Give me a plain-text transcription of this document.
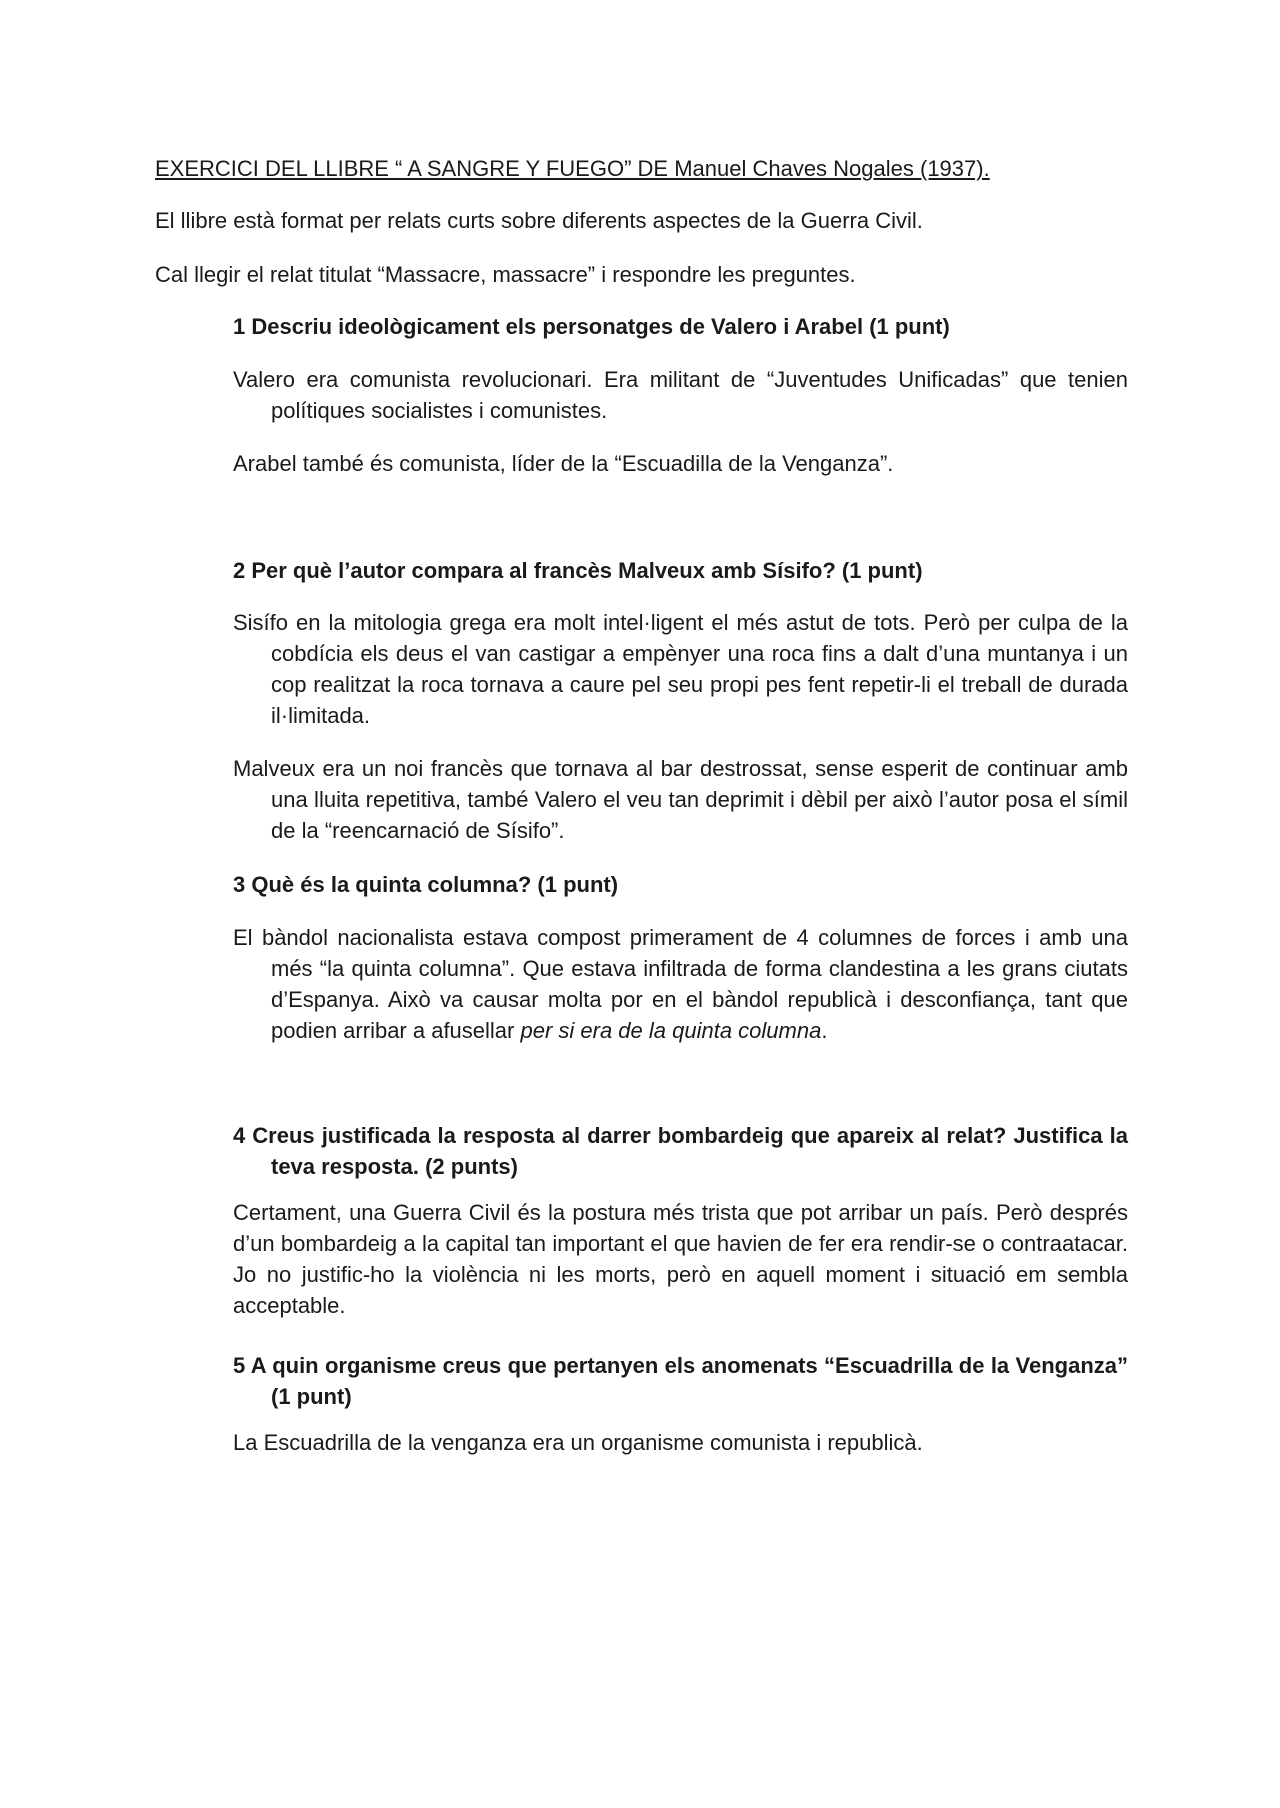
EXERCICI DEL LLIBRE “ A SANGRE Y FUEGO” DE Manuel Chaves Nogales (1937).

El llibre està format per relats curts sobre diferents aspectes de la Guerra Civil.

Cal llegir el relat titulat “Massacre, massacre” i respondre les preguntes.

1 Descriu ideològicament els personatges de Valero i Arabel (1 punt)

Valero era comunista revolucionari. Era militant de “Juventudes Unificadas” que tenien polítiques socialistes i comunistes.

Arabel també és comunista, líder de la “Escuadilla de la Venganza”.

2 Per què l’autor compara al francès Malveux amb Sísifo? (1 punt)

Sisífo en la mitologia grega era molt intel·ligent el més astut de tots. Però per culpa de la cobdícia els deus el van castigar a empènyer una roca fins a dalt d’una muntanya i un cop realitzat la roca tornava a caure pel seu propi pes fent repetir-li el treball de durada il·limitada.

Malveux era un noi francès que tornava al bar destrossat, sense esperit de continuar amb una lluita repetitiva, també Valero el veu tan deprimit i dèbil per això l’autor posa el símil de la “reencarnació de Sísifo”.

3 Què és la quinta columna? (1 punt)

El bàndol nacionalista estava compost primerament de 4 columnes de forces i amb una més “la quinta columna”. Que estava infiltrada de forma clandestina a les grans ciutats d’Espanya. Això va causar molta por en el bàndol republicà i desconfiança, tant que podien arribar a afusellar per si era de la quinta columna.

4 Creus justificada la resposta al darrer bombardeig que apareix al relat? Justifica la teva resposta. (2 punts)

Certament, una Guerra Civil és la postura més trista que pot arribar un país. Però després d’un bombardeig a la capital tan important el que havien de fer era rendir-se o contraatacar. Jo no justific-ho la violència ni les morts, però en aquell moment i situació em sembla acceptable.

5 A quin organisme creus que pertanyen els anomenats “Escuadrilla de la Venganza” (1 punt)

La Escuadrilla de la venganza era un organisme comunista i republicà.
